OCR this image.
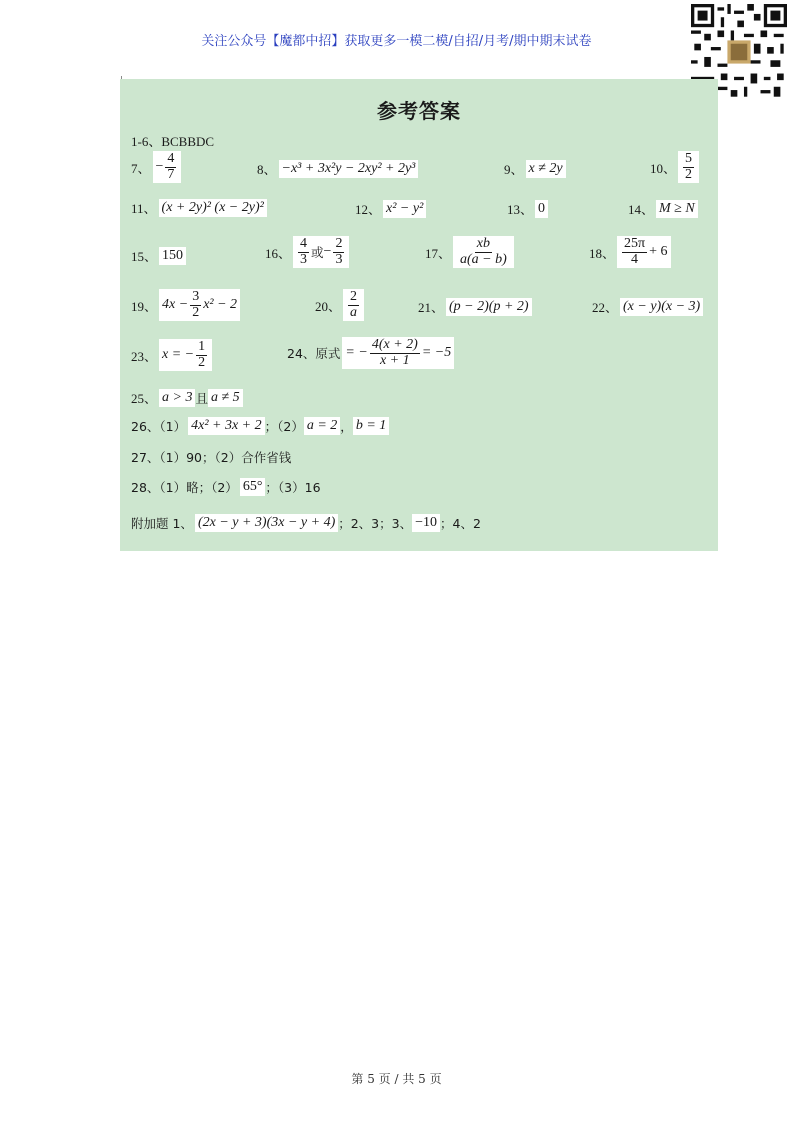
关注公众号【魔都中招】获取更多一模二模/自招/月考/期中期末试卷
参考答案
1-6、BCBBDC
7、 − $\frac{4}{7}$	8、 −x³ + 3x²y − 2xy² + 2y³	9、 x ≠ 2y	10、 $\frac{5}{2}$
11、 (x + 2y)² (x − 2y)²	12、 x² − y²	13、 0	14、 M ≥ N
15、 150	16、 $\frac{4}{3}$ 或 − $\frac{2}{3}$	17、 $\frac{xb}{a(a - b)}$	18、 $\frac{25\pi}{4} + 6$
19、 $4x - \frac{3}{2} x^2 - 2$	20、 $\frac{2}{a}$	21、 (p − 2)(p + 2)	22、 (x − y)(x − 3)
23、 x = − $\frac{1}{2}$	24、原式 = − $\frac{4(x + 2)}{x + 1} = -5$
25、 a > 3 且 a ≠ 5
26、（1） 4x² + 3x + 2 ；（2） a = 2 ， b = 1
27、（1）90；（2）合作省钱
28、（1）略；（2） 65° ；（3）16
附加题 1、 (2x − y + 3)(3x − y + 4) ；2、3；3、 −10 ；4、2
第 5 页 / 共 5 页
